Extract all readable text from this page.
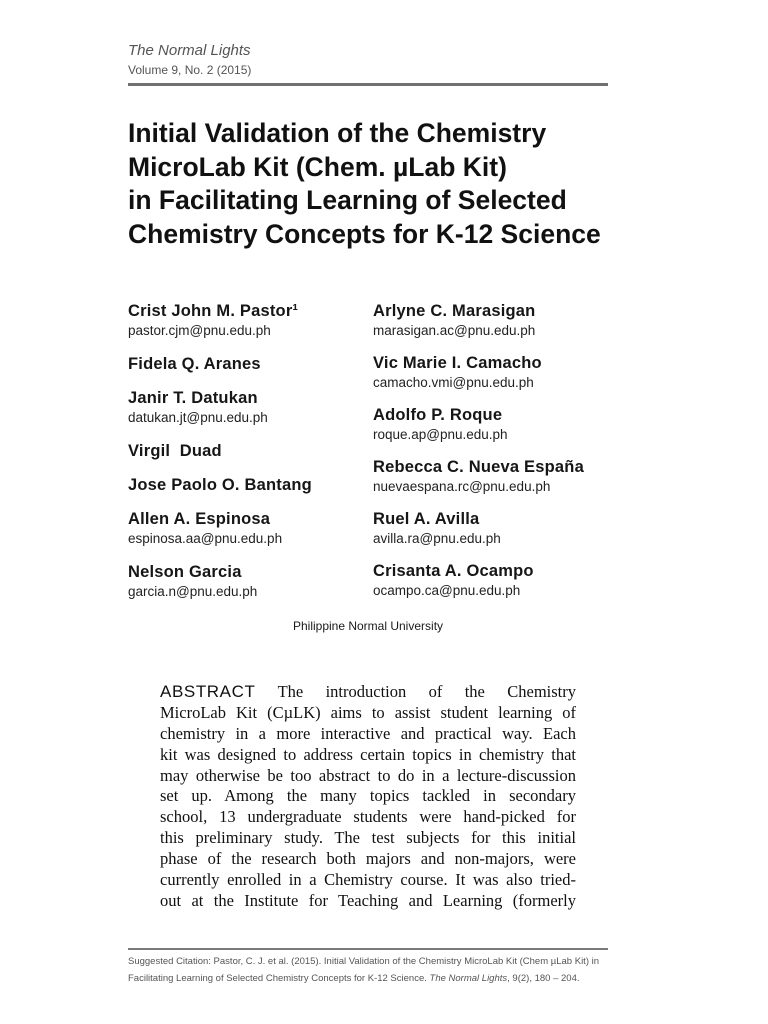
The Normal Lights
Volume 9, No. 2 (2015)
Initial Validation of the Chemistry
MicroLab Kit (Chem. µLab Kit)
in Facilitating Learning of Selected
Chemistry Concepts for K-12 Science
Crist John M. Pastor¹
pastor.cjm@pnu.edu.ph
Fidela Q. Aranes
Janir T. Datukan
datukan.jt@pnu.edu.ph
Virgil  Duad
Jose Paolo O. Bantang
Allen A. Espinosa
espinosa.aa@pnu.edu.ph
Nelson Garcia
garcia.n@pnu.edu.ph
Arlyne C. Marasigan
marasigan.ac@pnu.edu.ph
Vic Marie I. Camacho
camacho.vmi@pnu.edu.ph
Adolfo P. Roque
roque.ap@pnu.edu.ph
Rebecca C. Nueva España
nuevaespana.rc@pnu.edu.ph
Ruel A. Avilla
avilla.ra@pnu.edu.ph
Crisanta A. Ocampo
ocampo.ca@pnu.edu.ph
Philippine Normal University
ABSTRACT The introduction of the Chemistry
MicroLab Kit (CµLK) aims to assist student learning of
chemistry in a more interactive and practical way. Each
kit was designed to address certain topics in chemistry that
may otherwise be too abstract to do in a lecture-discussion
set up. Among the many topics tackled in secondary
school, 13 undergraduate students were hand-picked for
this preliminary study. The test subjects for this initial
phase of the research both majors and non-majors, were
currently enrolled in a Chemistry course. It was also tried-
out at the Institute for Teaching and Learning (formerly
Suggested Citation: Pastor, C. J. et al. (2015). Initial Validation of the Chemistry MicroLab Kit (Chem µLab Kit) in
Facilitating Learning of Selected Chemistry Concepts for K-12 Science. The Normal Lights, 9(2), 180 – 204.
